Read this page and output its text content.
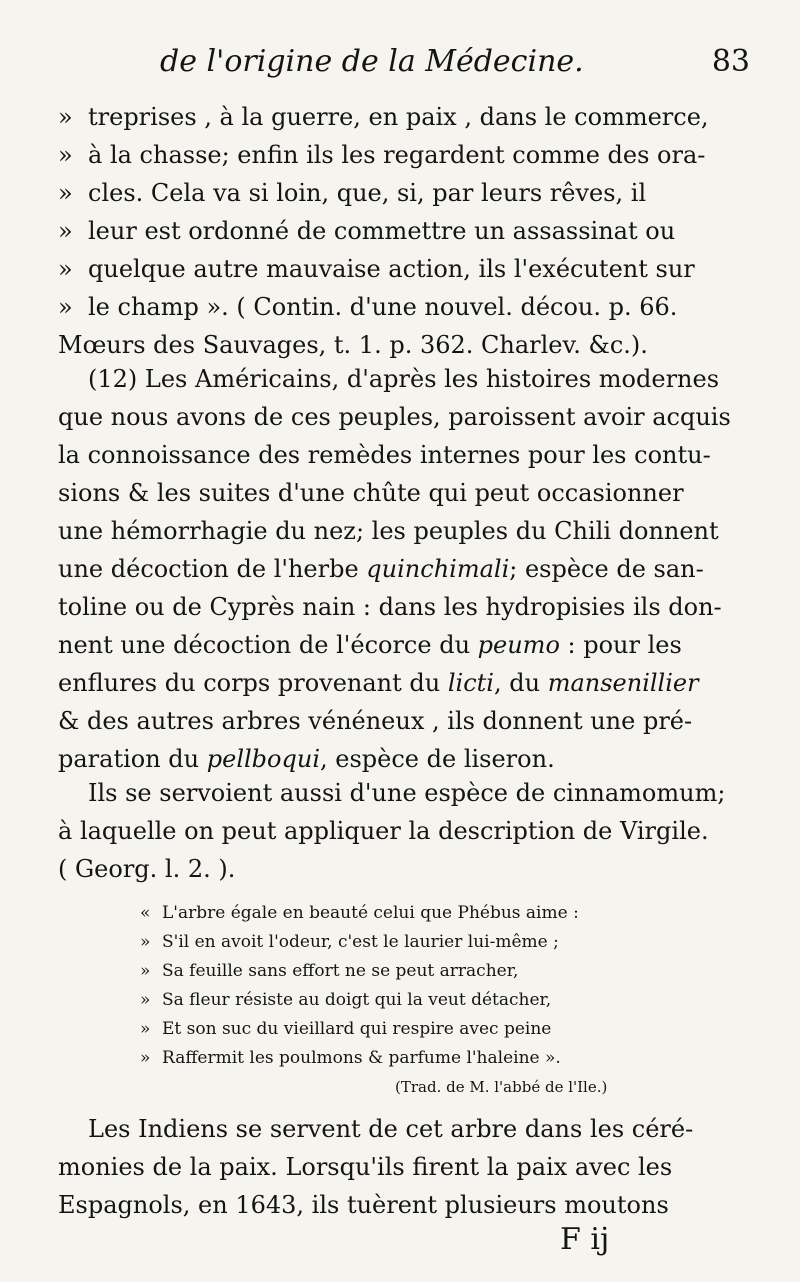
de l'origine de la Médecine.	83
» treprises , à la guerre, en paix , dans le commerce,
» à la chasse; enfin ils les regardent comme des ora-
» cles. Cela va si loin, que, si, par leurs rêves, il
» leur est ordonné de commettre un assassinat ou
» quelque autre mauvaise action, ils l'exécutent sur
» le champ ». ( Contin. d'une nouvel. décou. p. 66.
Mœurs des Sauvages, t. 1. p. 362. Charlev. &c.).
(12) Les Américains, d'après les histoires modernes
que nous avons de ces peuples, paroissent avoir acquis
la connoissance des remèdes internes pour les contu-
sions & les suites d'une chûte qui peut occasionner
une hémorrhagie du nez; les peuples du Chili donnent
une décoction de l'herbe quinchimali; espèce de san-
toline ou de Cyprès nain : dans les hydropisies ils don-
nent une décoction de l'écorce du peumo : pour les
enflures du corps provenant du licti, du mansenillier
& des autres arbres vénéneux , ils donnent une pré-
paration du pellboqui, espèce de liseron.
Ils se servoient aussi d'une espèce de cinnamomum;
à laquelle on peut appliquer la description de Virgile.
( Georg. l. 2. ).
« L'arbre égale en beauté celui que Phébus aime :
» S'il en avoit l'odeur, c'est le laurier lui-même ;
» Sa feuille sans effort ne se peut arracher,
» Sa fleur résiste au doigt qui la veut détacher,
» Et son suc du vieillard qui respire avec peine
» Raffermit les poulmons & parfume l'haleine ».
(Trad. de M. l'abbé de l'Ile.)
Les Indiens se servent de cet arbre dans les céré-
monies de la paix. Lorsqu'ils firent la paix avec les
Espagnols, en 1643, ils tuèrent plusieurs moutons
F ij
